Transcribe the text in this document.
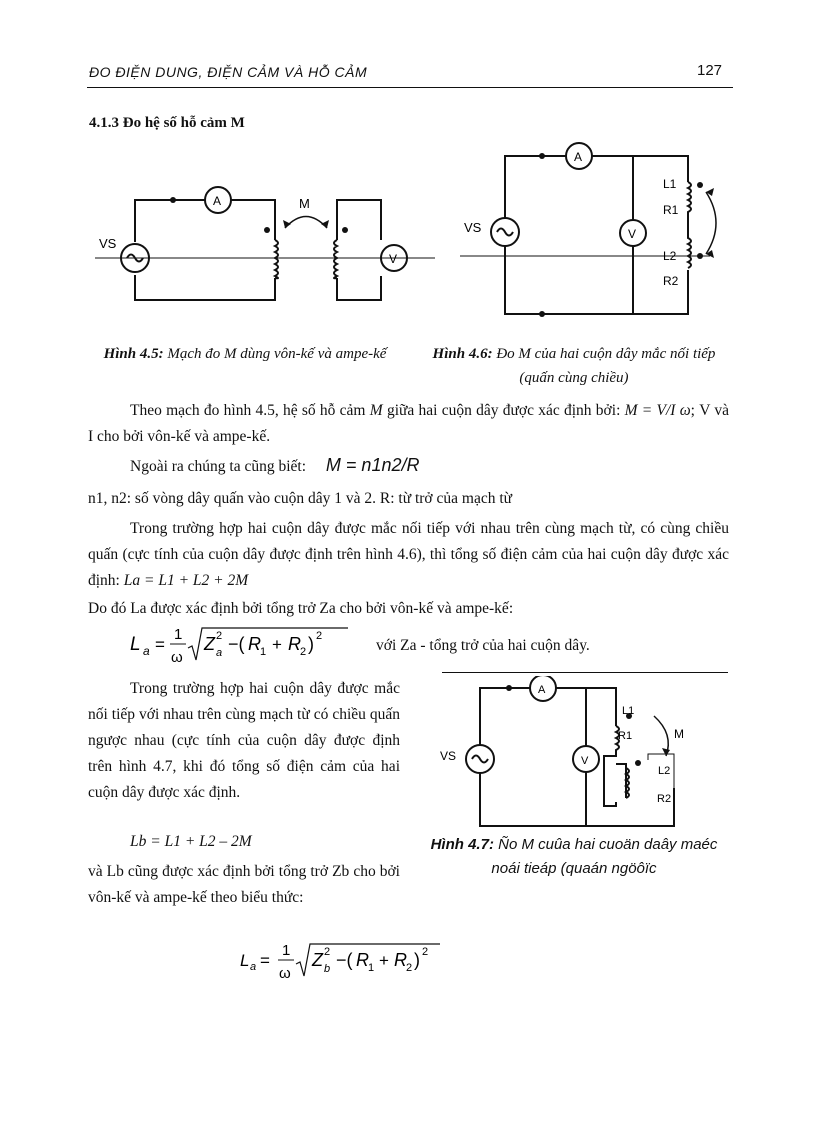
ĐO ĐIỆN DUNG, ĐIỆN CẢM VÀ HỖ CẢM	127
4.1.3 Đo hệ số hỗ cảm M
A
V
M
VS
A
V
VS
L1
R1
L2
R2
Hình 4.5: Mạch đo M dùng vôn-kế và ampe-kế	Hình 4.6: Đo M của hai cuộn dây mắc nối tiếp (quấn cùng chiều)
Theo mạch đo hình 4.5, hệ số hỗ cảm M giữa hai cuộn dây được xác định bởi: M = V/I ω; V và I cho bởi vôn-kế và ampe-kế.
Ngoài ra chúng ta cũng biết: M = n1n2/R
n1, n2: số vòng dây quấn vào cuộn dây 1 và 2. R: từ trở của mạch từ
Trong trường hợp hai cuộn dây được mắc nối tiếp với nhau trên cùng mạch từ, có cùng chiều quấn (cực tính của cuộn dây được định trên hình 4.6), thì tổng số điện cảm của hai cuộn dây được xác định: La = L1 + L2 + 2M
Do đó La được xác định bởi tổng trở Za cho bởi vôn-kế và ampe-kế:
L a =
1
ω
Z 2
a −( R 1 + R 2 ) 2
với Za - tổng trở của hai cuộn dây.
Trong trường hợp hai cuộn dây được mắc nối tiếp với nhau trên cùng mạch từ có chiều quấn ngược nhau (cực tính của cuộn dây được định trên hình 4.7, khi đó tổng số điện cảm của hai cuộn dây được xác định.
Lb = L1 + L2 – 2M
và Lb cũng được xác định bởi tổng trở Zb cho bởi vôn-kế và ampe-kế theo biểu thức:
A
V
VS
L1
R1
L2
R2
M
Hình 4.7: Ño M cuûa hai cuoän daây maéc noái tieáp (quaán ngöôïc
L a =
1
ω
Z 2
b −( R 1 + R 2 ) 2
